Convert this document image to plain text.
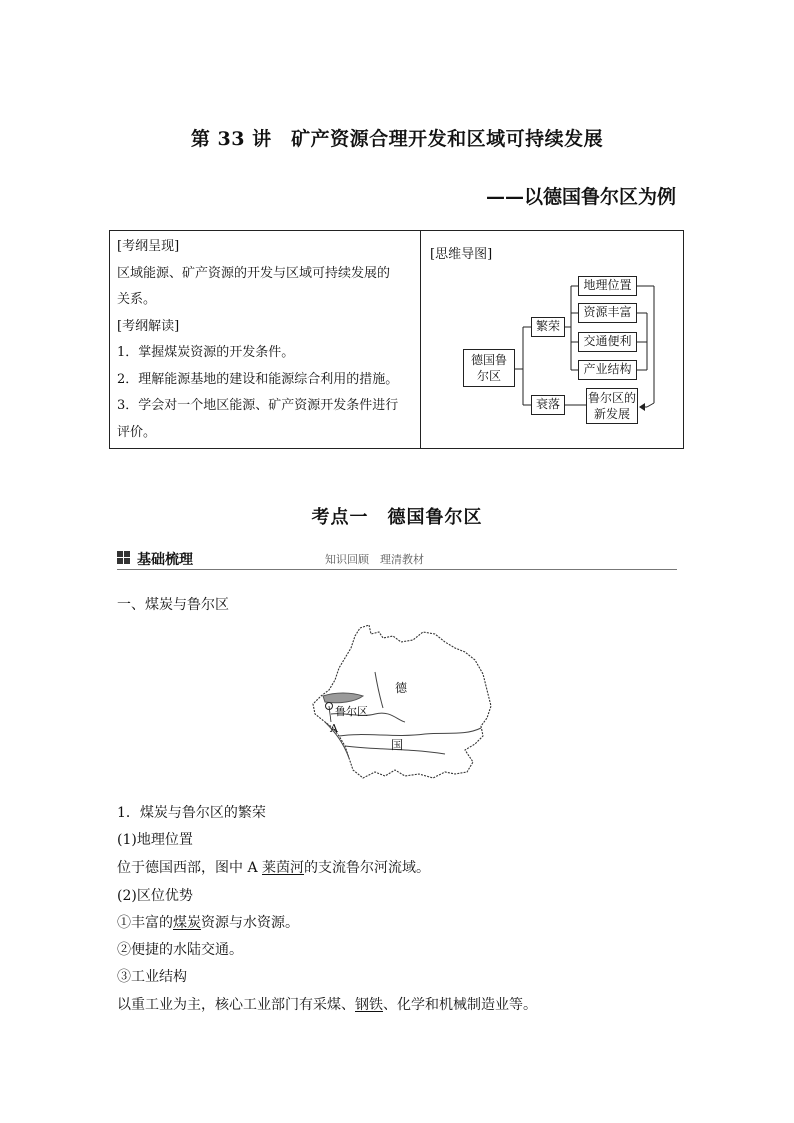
第 33 讲　矿产资源合理开发和区域可持续发展
——以德国鲁尔区为例

[考纲呈现]

区域能源、矿产资源的开发与区域可持续发展的

关系。

[考纲解读]

1．掌握煤炭资源的开发条件。

2．理解能源基地的建设和能源综合利用的措施。

3．学会对一个地区能源、矿产资源开发条件进行

评价。

[思维导图]
德国鲁
尔区
繁荣
衰落
地理位置
资源丰富
交通便利
产业结构
鲁尔区的
新发展
考点一　德国鲁尔区
基础梳理	知识回顾　理清教材
一、煤炭与鲁尔区
德
国
鲁尔区
A
1．煤炭与鲁尔区的繁荣
(1)地理位置
位于德国西部，图中 A 莱茵河的支流鲁尔河流域。
(2)区位优势
①丰富的煤炭资源与水资源。
②便捷的水陆交通。
③工业结构
以重工业为主，核心工业部门有采煤、钢铁、化学和机械制造业等。
